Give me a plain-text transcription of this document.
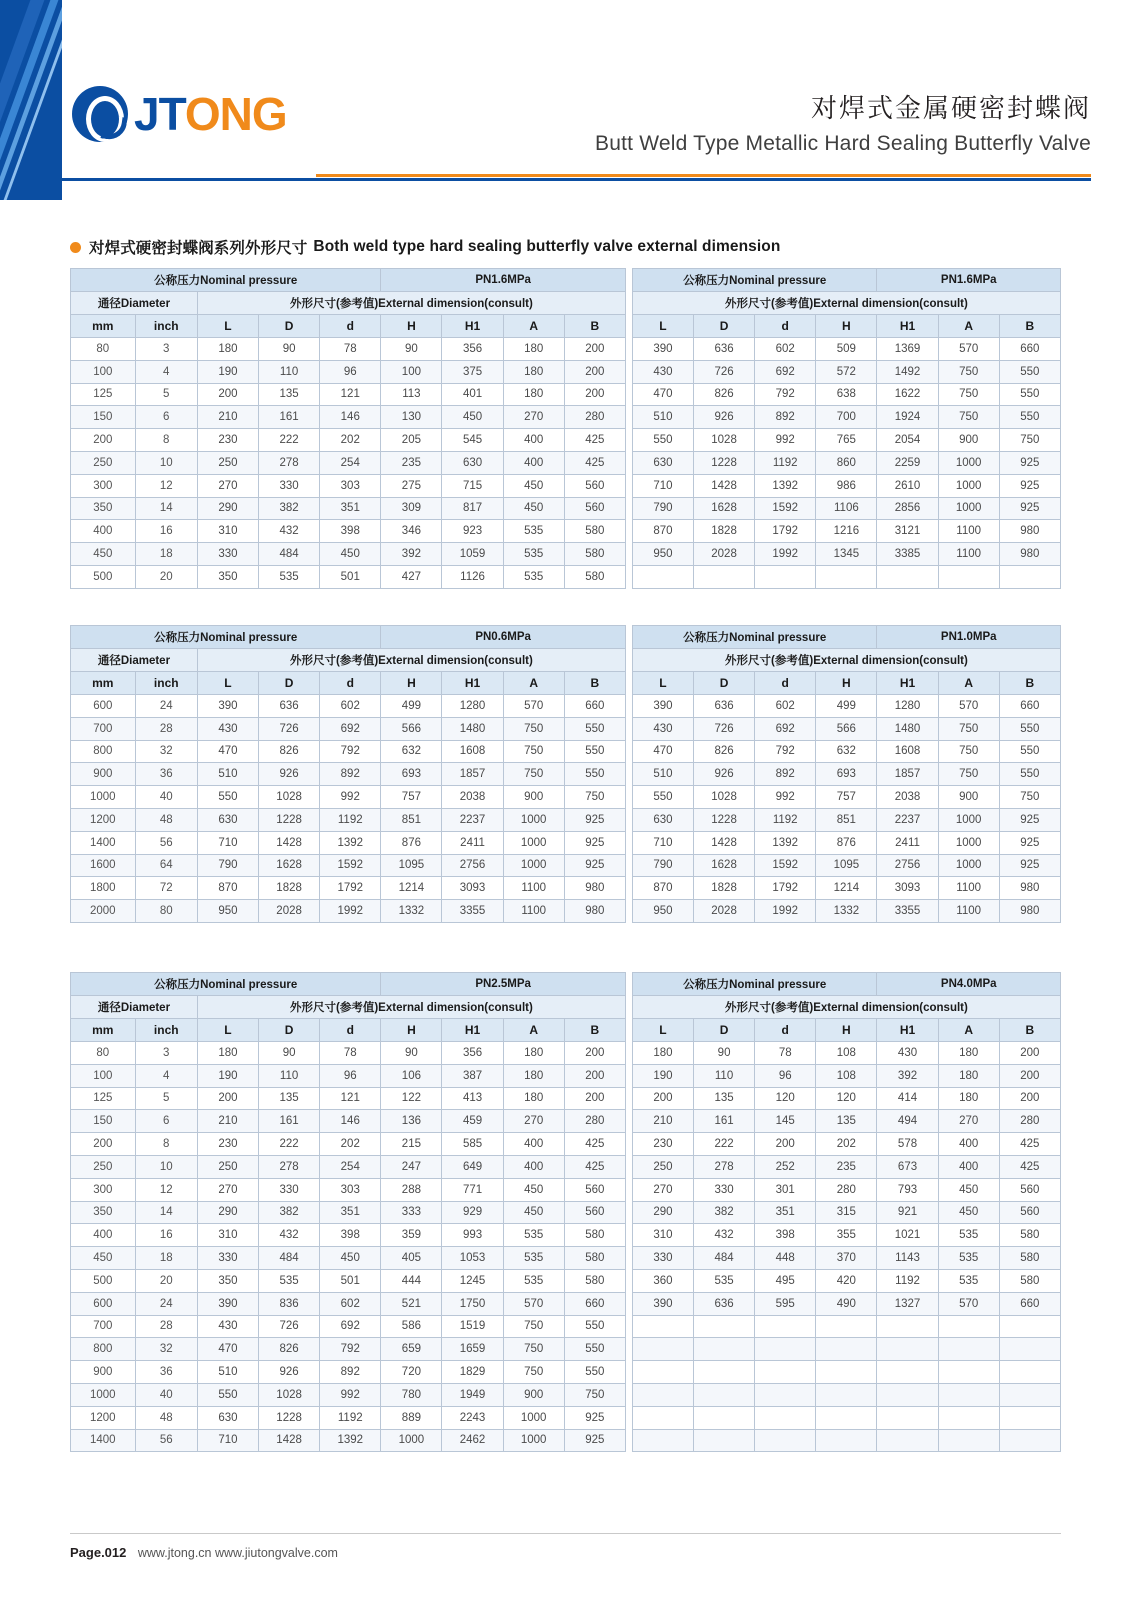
JTONG	对焊式金属硬密封蝶阀
Butt Weld Type Metallic Hard Sealing Butterfly Valve
对焊式硬密封蝶阀系列外形尺寸 Both weld type hard sealing butterfly valve external dimension
公称压力Nominal pressure					PN1.6MPa					公称压力Nominal pressure				PN1.6MPa		
通径Diameter		外形尺寸(参考值)External dimension(consult)								外形尺寸(参考值)External dimension(consult)						
mm	inch	L	D	d	H	H1	A	B		L	D	d	H	H1	A	B
80	3	180	90	78	90	356	180	200		390	636	602	509	1369	570	660
100	4	190	110	96	100	375	180	200		430	726	692	572	1492	750	550
125	5	200	135	121	113	401	180	200		470	826	792	638	1622	750	550
150	6	210	161	146	130	450	270	280		510	926	892	700	1924	750	550
200	8	230	222	202	205	545	400	425		550	1028	992	765	2054	900	750
250	10	250	278	254	235	630	400	425		630	1228	1192	860	2259	1000	925
300	12	270	330	303	275	715	450	560		710	1428	1392	986	2610	1000	925
350	14	290	382	351	309	817	450	560		790	1628	1592	1106	2856	1000	925
400	16	310	432	398	346	923	535	580		870	1828	1792	1216	3121	1100	980
450	18	330	484	450	392	1059	535	580		950	2028	1992	1345	3385	1100	980
500	20	350	535	501	427	1126	535	580								
公称压力Nominal pressure					PN0.6MPa					公称压力Nominal pressure				PN1.0MPa		
通径Diameter		外形尺寸(参考值)External dimension(consult)								外形尺寸(参考值)External dimension(consult)						
mm	inch	L	D	d	H	H1	A	B		L	D	d	H	H1	A	B
600	24	390	636	602	499	1280	570	660		390	636	602	499	1280	570	660
700	28	430	726	692	566	1480	750	550		430	726	692	566	1480	750	550
800	32	470	826	792	632	1608	750	550		470	826	792	632	1608	750	550
900	36	510	926	892	693	1857	750	550		510	926	892	693	1857	750	550
1000	40	550	1028	992	757	2038	900	750		550	1028	992	757	2038	900	750
1200	48	630	1228	1192	851	2237	1000	925		630	1228	1192	851	2237	1000	925
1400	56	710	1428	1392	876	2411	1000	925		710	1428	1392	876	2411	1000	925
1600	64	790	1628	1592	1095	2756	1000	925		790	1628	1592	1095	2756	1000	925
1800	72	870	1828	1792	1214	3093	1100	980		870	1828	1792	1214	3093	1100	980
2000	80	950	2028	1992	1332	3355	1100	980		950	2028	1992	1332	3355	1100	980
公称压力Nominal pressure					PN2.5MPa					公称压力Nominal pressure				PN4.0MPa		
通径Diameter		外形尺寸(参考值)External dimension(consult)								外形尺寸(参考值)External dimension(consult)						
mm	inch	L	D	d	H	H1	A	B		L	D	d	H	H1	A	B
80	3	180	90	78	90	356	180	200		180	90	78	108	430	180	200
100	4	190	110	96	106	387	180	200		190	110	96	108	392	180	200
125	5	200	135	121	122	413	180	200		200	135	120	120	414	180	200
150	6	210	161	146	136	459	270	280		210	161	145	135	494	270	280
200	8	230	222	202	215	585	400	425		230	222	200	202	578	400	425
250	10	250	278	254	247	649	400	425		250	278	252	235	673	400	425
300	12	270	330	303	288	771	450	560		270	330	301	280	793	450	560
350	14	290	382	351	333	929	450	560		290	382	351	315	921	450	560
400	16	310	432	398	359	993	535	580		310	432	398	355	1021	535	580
450	18	330	484	450	405	1053	535	580		330	484	448	370	1143	535	580
500	20	350	535	501	444	1245	535	580		360	535	495	420	1192	535	580
600	24	390	836	602	521	1750	570	660		390	636	595	490	1327	570	660
700	28	430	726	692	586	1519	750	550								
800	32	470	826	792	659	1659	750	550								
900	36	510	926	892	720	1829	750	550								
1000	40	550	1028	992	780	1949	900	750								
1200	48	630	1228	1192	889	2243	1000	925								
1400	56	710	1428	1392	1000	2462	1000	925								
Page.012 www.jtong.cn www.jiutongvalve.com
